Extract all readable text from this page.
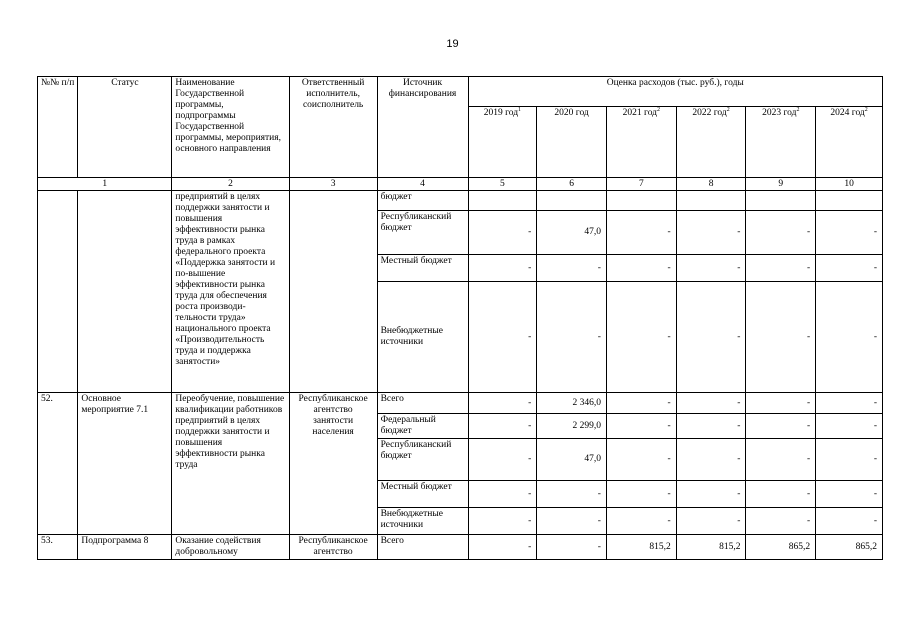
19
№№ п/п	Статус	Наименование Государственной программы, подпрограммы Государственной программы, мероприятия, основного направления	Ответственный исполнитель, соисполнитель	Источник финансирования	Оценка расходов (тыс. руб.), годы					
					2019 год$^1$	2020 год	2021 год$^2$	2022 год$^2$	2023 год$^2$	2024 год$^2$
1		2	3	4	5	6	7	8	9	10
		предприятий в целях поддержки занятости и повышения эффективности рынка труда в рамках федерального проекта «Поддержка занятости и по-вышение эффективности рынка труда для обеспечения роста производи-тельности труда» национального проекта «Производительность труда и поддержка занятости»		бюджет						
				Республиканский бюджет	-	47,0	-	-	-	-
				Местный бюджет	-	-	-	-	-	-
				Внебюджетные источники	-	-	-	-	-	-
52.	Основное мероприятие 7.1	Переобучение, повышение квалификации работников предприятий в целях поддержки занятости и повышения эффективности рынка труда	Республиканское агентство занятости населения	Всего	-	2 346,0	-	-	-	-
				Федеральный бюджет	-	2 299,0	-	-	-	-
				Республиканский бюджет	-	47,0	-	-	-	-
				Местный бюджет	-	-	-	-	-	-
				Внебюджетные источники	-	-	-	-	-	-
53.	Подпрограмма 8	Оказание содействия добровольному	Республиканское агентство	Всего	-	-	815,2	815,2	865,2	865,2
